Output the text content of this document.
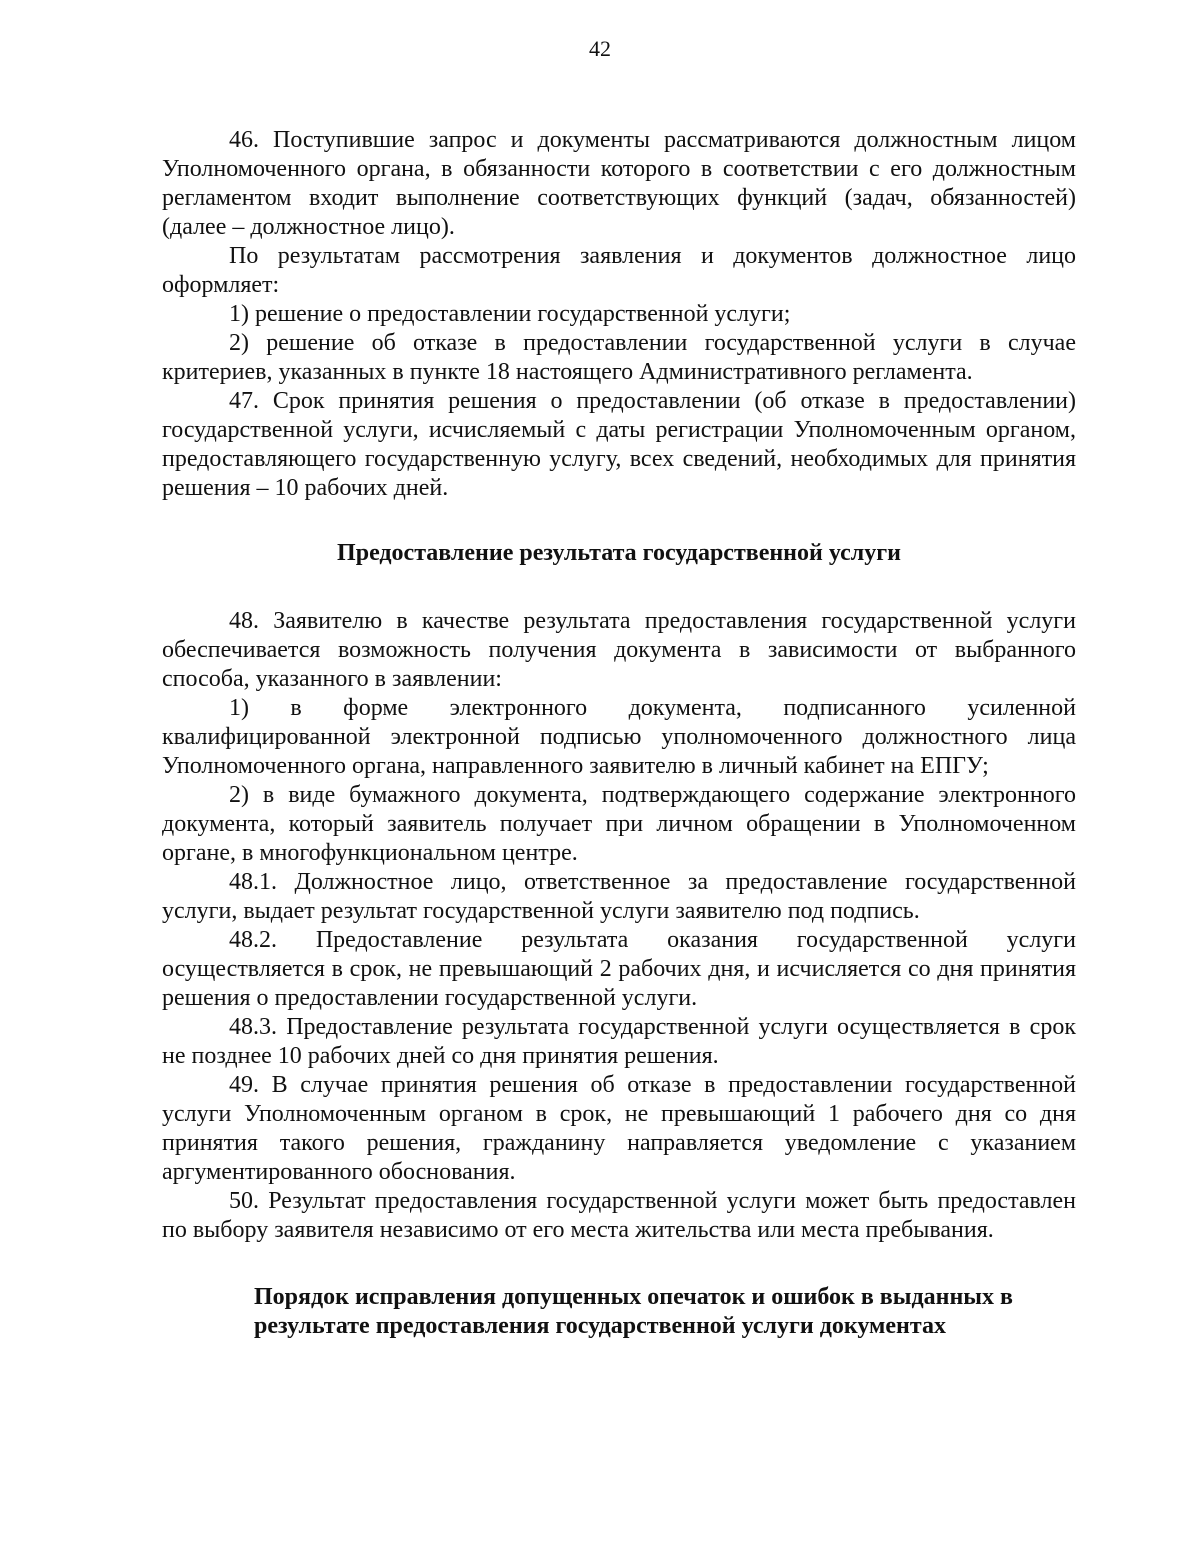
42

46. Поступившие запрос и документы рассматриваются должностным лицом Уполномоченного органа, в обязанности которого в соответствии с его должностным регламентом входит выполнение соответствующих функций (задач, обязанностей) (далее – должностное лицо).

По результатам рассмотрения заявления и документов должностное лицо оформляет:

1) решение о предоставлении государственной услуги;

2) решение об отказе в предоставлении государственной услуги в случае критериев, указанных в пункте 18 настоящего Административного регламента.

47. Срок принятия решения о предоставлении (об отказе в предоставлении) государственной услуги, исчисляемый с даты регистрации Уполномоченным органом, предоставляющего государственную услугу, всех сведений, необходимых для принятия решения – 10 рабочих дней.

Предоставление результата государственной услуги

48. Заявителю в качестве результата предоставления государственной услуги обеспечивается возможность получения документа в зависимости от выбранного способа, указанного в заявлении:

1) в форме электронного документа, подписанного усиленной квалифицированной электронной подписью уполномоченного должностного лица Уполномоченного органа, направленного заявителю в личный кабинет на ЕПГУ;

2) в виде бумажного документа, подтверждающего содержание электронного документа, который заявитель получает при личном обращении в Уполномоченном органе, в многофункциональном центре.

48.1. Должностное лицо, ответственное за предоставление государственной услуги, выдает результат государственной услуги заявителю под подпись.

48.2. Предоставление результата оказания государственной услуги осуществляется в срок, не превышающий 2 рабочих дня, и исчисляется со дня принятия решения о предоставлении государственной услуги.

48.3. Предоставление результата государственной услуги осуществляется в срок не позднее 10 рабочих дней со дня принятия решения.

49. В случае принятия решения об отказе в предоставлении государственной услуги Уполномоченным органом в срок, не превышающий 1 рабочего дня со дня принятия такого решения, гражданину направляется уведомление с указанием аргументированного обоснования.

50. Результат предоставления государственной услуги может быть предоставлен по выбору заявителя независимо от его места жительства или места пребывания.

Порядок исправления допущенных опечаток и ошибок в выданных в
результате предоставления государственной услуги документах
